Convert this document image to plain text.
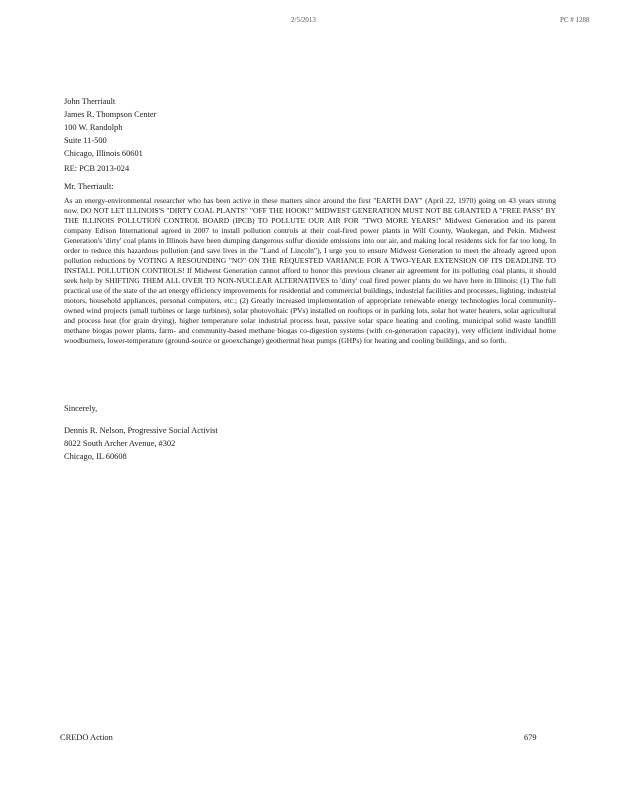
2/5/2013	PC # 1288
John Therriault
James R. Thompson Center
100 W. Randolph
Suite 11-500
Chicago, Illinois 60601
RE: PCB 2013-024
Mr. Therriault:
As an energy-environmental researcher who has been active in these matters since around the first "EARTH DAY" (April 22, 1970) going on 43 years strong now. DO NOT LET ILLINOIS'S "DIRTY COAL PLANTS" "OFF THE HOOK!" MIDWEST GENERATION MUST NOT BE GRANTED A "FREE PASS" BY THE ILLINOIS POLLUTION CONTROL BOARD (IPCB) TO POLLUTE OUR AIR FOR "TWO MORE YEARS!" Midwest Generation and its parent company Edison International agreed in 2007 to install pollution controls at their coal-fired power plants in Will County, Waukegan, and Pekin. Midwest Generation's 'dirty' coal plants in Illinois have been dumping dangerous sulfur dioxide emissions into our air, and making local residents sick for far too long. In order to reduce this hazardous pollution (and save lives in the "Land of Lincoln"), I urge you to ensure Midwest Generation to meet the already agreed upon pollution reductions by VOTING A RESOUNDING "NO" ON THE REQUESTED VARIANCE FOR A TWO-YEAR EXTENSION OF ITS DEADLINE TO INSTALL POLLUTION CONTROLS! If Midwest Generation cannot afford to honor this previous cleaner air agreement for its polluting coal plants, it should seek help by SHIFTING THEM ALL OVER TO NON-NUCLEAR ALTERNATIVES to 'dirty' coal fired power plants do we have here in Illinois: (1) The full practical use of the state of the art energy efficiency improvements for residential and commercial buildings, industrial facilities and processes, lighting, industrial motors, household appliances, personal computers, etc.; (2) Greatly increased implementation of appropriate renewable energy technologies local community-owned wind projects (small turbines or large turbines), solar photovoltaic (PVs) installed on rooftops or in parking lots, solar hot water heaters, solar agricultural and process heat (for grain drying), higher temperature solar industrial process heat, passive solar space heating and cooling, municipal solid waste landfill methane biogas power plants, farm- and community-based methane biogas co-digestion systems (with co-generation capacity), very efficient individual home woodburners, lower-temperature (ground-source or geoexchange) geothermal heat pumps (GHPs) for heating and cooling buildings, and so forth.
Sincerely,
Dennis R. Nelson, Progressive Social Activist
8022 South Archer Avenue, #302
Chicago, IL 60608
CREDO Action	679
